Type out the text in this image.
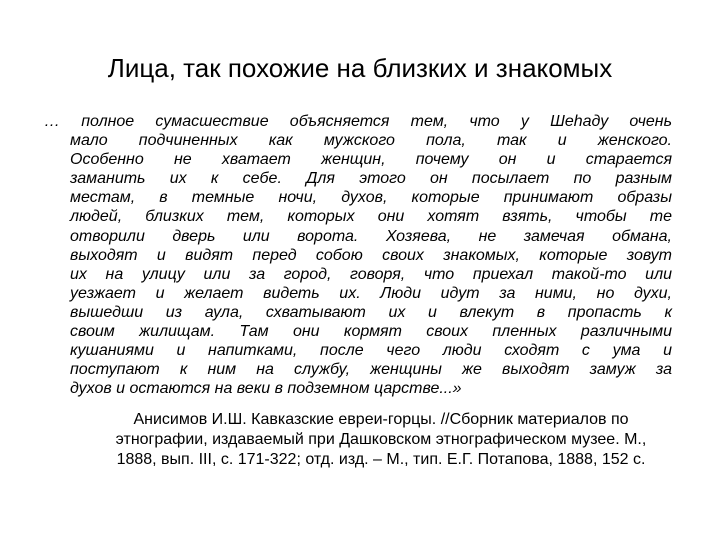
Лица, так похожие на близких и знакомых
… полное сумасшествие объясняется тем, что у Шеhаду очень
мало подчиненных как мужского пола, так и женского.
Особенно не хватает женщин, почему он и старается
заманить их к себе. Для этого он посылает по разным
местам, в темные ночи, духов, которые принимают образы
людей, близких тем, которых они хотят взять, чтобы те
отворили дверь или ворота. Хозяева, не замечая обмана,
выходят и видят перед собою своих знакомых, которые зовут
их на улицу или за город, говоря, что приехал такой-то или
уезжает и желает видеть их. Люди идут за ними, но духи,
вышедши из аула, схватывают их и влекут в пропасть к
своим жилищам. Там они кормят своих пленных различными
кушаниями и напитками, после чего люди сходят с ума и
поступают к ним на службу, женщины же выходят замуж за
духов и остаются на веки в подземном царстве...»
Анисимов И.Ш. Кавказские евреи-горцы. //Сборник материалов по
этнографии, издаваемый при Дашковском этнографическом музее. М.,
1888, вып. III, с. 171-322; отд. изд. – М., тип. Е.Г. Потапова, 1888, 152 с.
